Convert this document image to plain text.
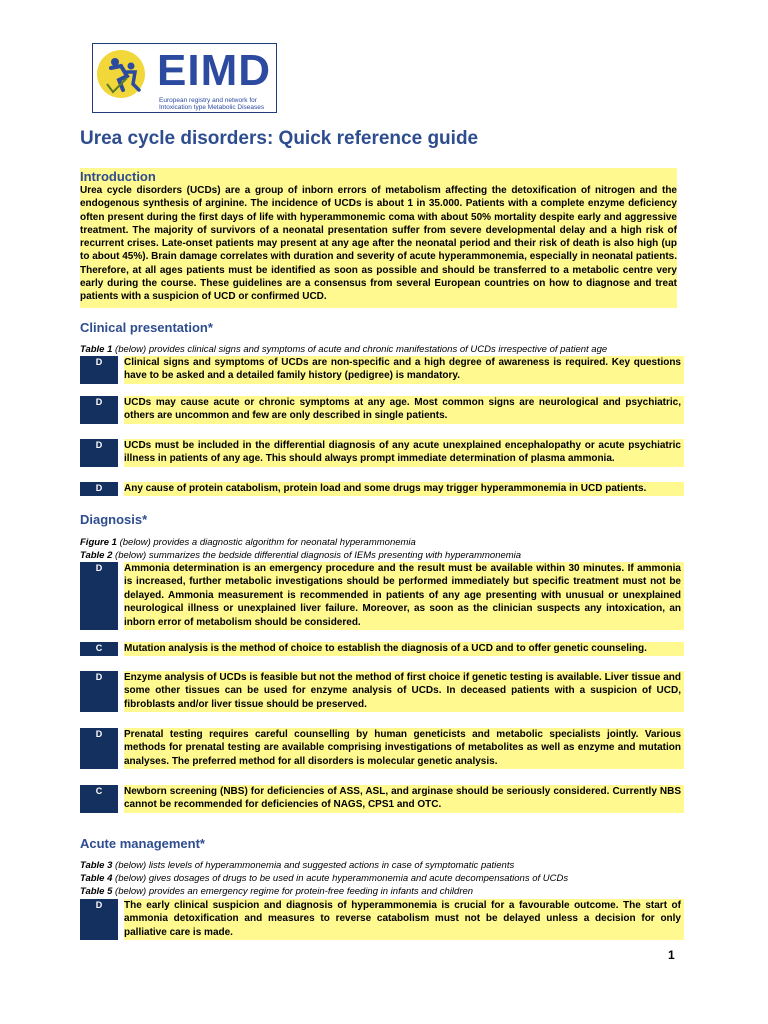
EIMD
European registry and network for Intoxication type Metabolic Diseases
Urea cycle disorders: Quick reference guide
Introduction

Urea cycle disorders (UCDs) are a group of inborn errors of metabolism affecting the detoxification of nitrogen and the endogenous synthesis of arginine. The incidence of UCDs is about 1 in 35.000. Patients with a complete enzyme deficiency often present during the first days of life with hyperammonemic coma with about 50% mortality despite early and aggressive treatment. The majority of survivors of a neonatal presentation suffer from severe developmental delay and a high risk of recurrent crises. Late-onset patients may present at any age after the neonatal period and their risk of death is also high (up to about 45%). Brain damage correlates with duration and severity of acute hyperammonemia, especially in neonatal patients. Therefore, at all ages patients must be identified as soon as possible and should be transferred to a metabolic centre very early during the course. These guidelines are a consensus from several European countries on how to diagnose and treat patients with a suspicion of UCD or confirmed UCD.

Clinical presentation*

Table 1 (below) provides clinical signs and symptoms of acute and chronic manifestations of UCDs irrespective of patient age

D	Clinical signs and symptoms of UCDs are non-specific and a high degree of awareness is required. Key questions have to be asked and a detailed family history (pedigree) is mandatory.
D	UCDs may cause acute or chronic symptoms at any age. Most common signs are neurological and psychiatric, others are uncommon and few are only described in single patients.
D	UCDs must be included in the differential diagnosis of any acute unexplained encephalopathy or acute psychiatric illness in patients of any age. This should always prompt immediate determination of plasma ammonia.
D	Any cause of protein catabolism, protein load and some drugs may trigger hyperammonemia in UCD patients.
Diagnosis*

Figure 1 (below) provides a diagnostic algorithm for neonatal hyperammonemia

Table 2 (below) summarizes the bedside differential diagnosis of IEMs presenting with hyperammonemia

D	Ammonia determination is an emergency procedure and the result must be available within 30 minutes. If ammonia is increased, further metabolic investigations should be performed immediately but specific treatment must not be delayed. Ammonia measurement is recommended in patients of any age presenting with unusual or unexplained neurological illness or unexplained liver failure. Moreover, as soon as the clinician suspects any intoxication, an inborn error of metabolism should be considered.
C	Mutation analysis is the method of choice to establish the diagnosis of a UCD and to offer genetic counseling.
D	Enzyme analysis of UCDs is feasible but not the method of first choice if genetic testing is available. Liver tissue and some other tissues can be used for enzyme analysis of UCDs. In deceased patients with a suspicion of UCD, fibroblasts and/or liver tissue should be preserved.
D	Prenatal testing requires careful counselling by human geneticists and metabolic specialists jointly. Various methods for prenatal testing are available comprising investigations of metabolites as well as enzyme and mutation analyses. The preferred method for all disorders is molecular genetic analysis.
C	Newborn screening (NBS) for deficiencies of ASS, ASL, and arginase should be seriously considered. Currently NBS cannot be recommended for deficiencies of NAGS, CPS1 and OTC.
Acute management*

Table 3 (below) lists levels of hyperammonemia and suggested actions in case of symptomatic patients

Table 4 (below) gives dosages of drugs to be used in acute hyperammonemia and acute decompensations of UCDs

Table 5 (below) provides an emergency regime for protein-free feeding in infants and children

D	The early clinical suspicion and diagnosis of hyperammonemia is crucial for a favourable outcome. The start of ammonia detoxification and measures to reverse catabolism must not be delayed unless a decision for only palliative care is made.
1
